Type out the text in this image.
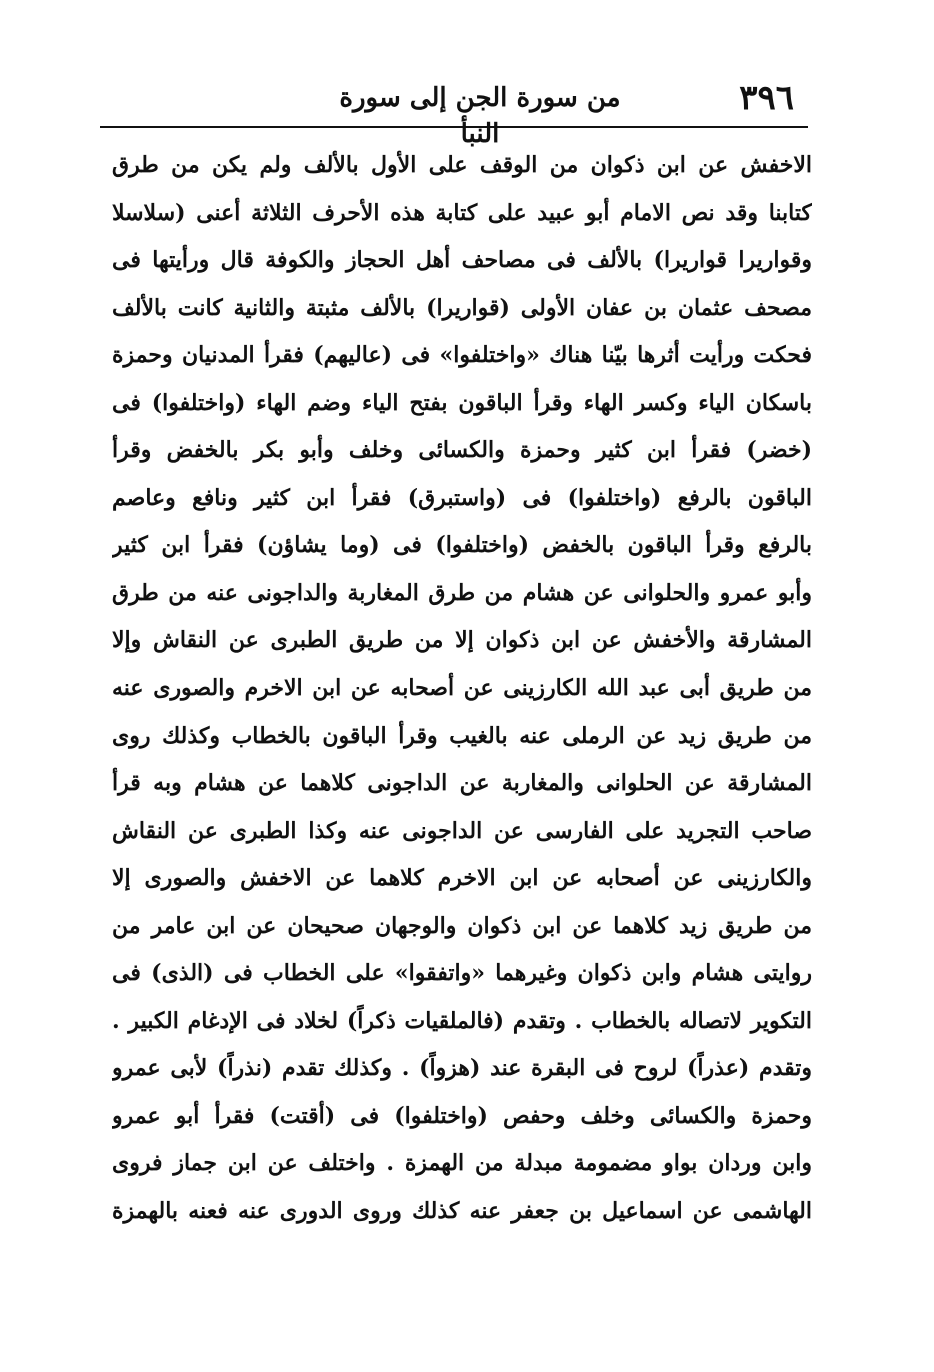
٣٩٦
من سورة الجن إلى سورة النبأ
الاخفش عن ابن ذكوان من الوقف على الأول بالألف ولم يكن من طرق
كتابنا وقد نص الامام أبو عبيد على كتابة هذه الأحرف الثلاثة أعنى (سلاسلا
وقواريرا قواريرا) بالألف فى مصاحف أهل الحجاز والكوفة قال ورأيتها فى
مصحف عثمان بن عفان الأولى (قواريرا) بالألف مثبتة والثانية كانت بالألف
فحكت ورأيت أثرها بيّنا هناك «واختلفوا» فى (عاليهم) فقرأ المدنيان وحمزة
باسكان الياء وكسر الهاء وقرأ الباقون بفتح الياء وضم الهاء (واختلفوا) فى
(خضر) فقرأ ابن كثير وحمزة والكسائى وخلف وأبو بكر بالخفض وقرأ
الباقون بالرفع (واختلفوا) فى (واستبرق) فقرأ ابن كثير ونافع وعاصم
بالرفع وقرأ الباقون بالخفض (واختلفوا) فى (وما يشاؤن) فقرأ ابن كثير
وأبو عمرو والحلوانى عن هشام من طرق المغاربة والداجونى عنه من طرق
المشارقة والأخفش عن ابن ذكوان إلا من طريق الطبرى عن النقاش وإلا
من طريق أبى عبد الله الكارزينى عن أصحابه عن ابن الاخرم والصورى عنه
من طريق زيد عن الرملى عنه بالغيب وقرأ الباقون بالخطاب وكذلك روى
المشارقة عن الحلوانى والمغاربة عن الداجونى كلاهما عن هشام وبه قرأ
صاحب التجريد على الفارسى عن الداجونى عنه وكذا الطبرى عن النقاش
والكارزينى عن أصحابه عن ابن الاخرم كلاهما عن الاخفش والصورى إلا
من طريق زيد كلاهما عن ابن ذكوان والوجهان صحيحان عن ابن عامر من
روايتى هشام وابن ذكوان وغيرهما «واتفقوا» على الخطاب فى (الذى) فى
التكوير لاتصاله بالخطاب . وتقدم (فالملقيات ذكراً) لخلاد فى الإدغام الكبير .
وتقدم (عذراً) لروح فى البقرة عند (هزواً) . وكذلك تقدم (نذراً) لأبى عمرو
وحمزة والكسائى وخلف وحفص (واختلفوا) فى (أقتت) فقرأ أبو عمرو
وابن وردان بواو مضمومة مبدلة من الهمزة . واختلف عن ابن جماز فروى
الهاشمى عن اسماعيل بن جعفر عنه كذلك وروى الدورى عنه فعنه بالهمزة
